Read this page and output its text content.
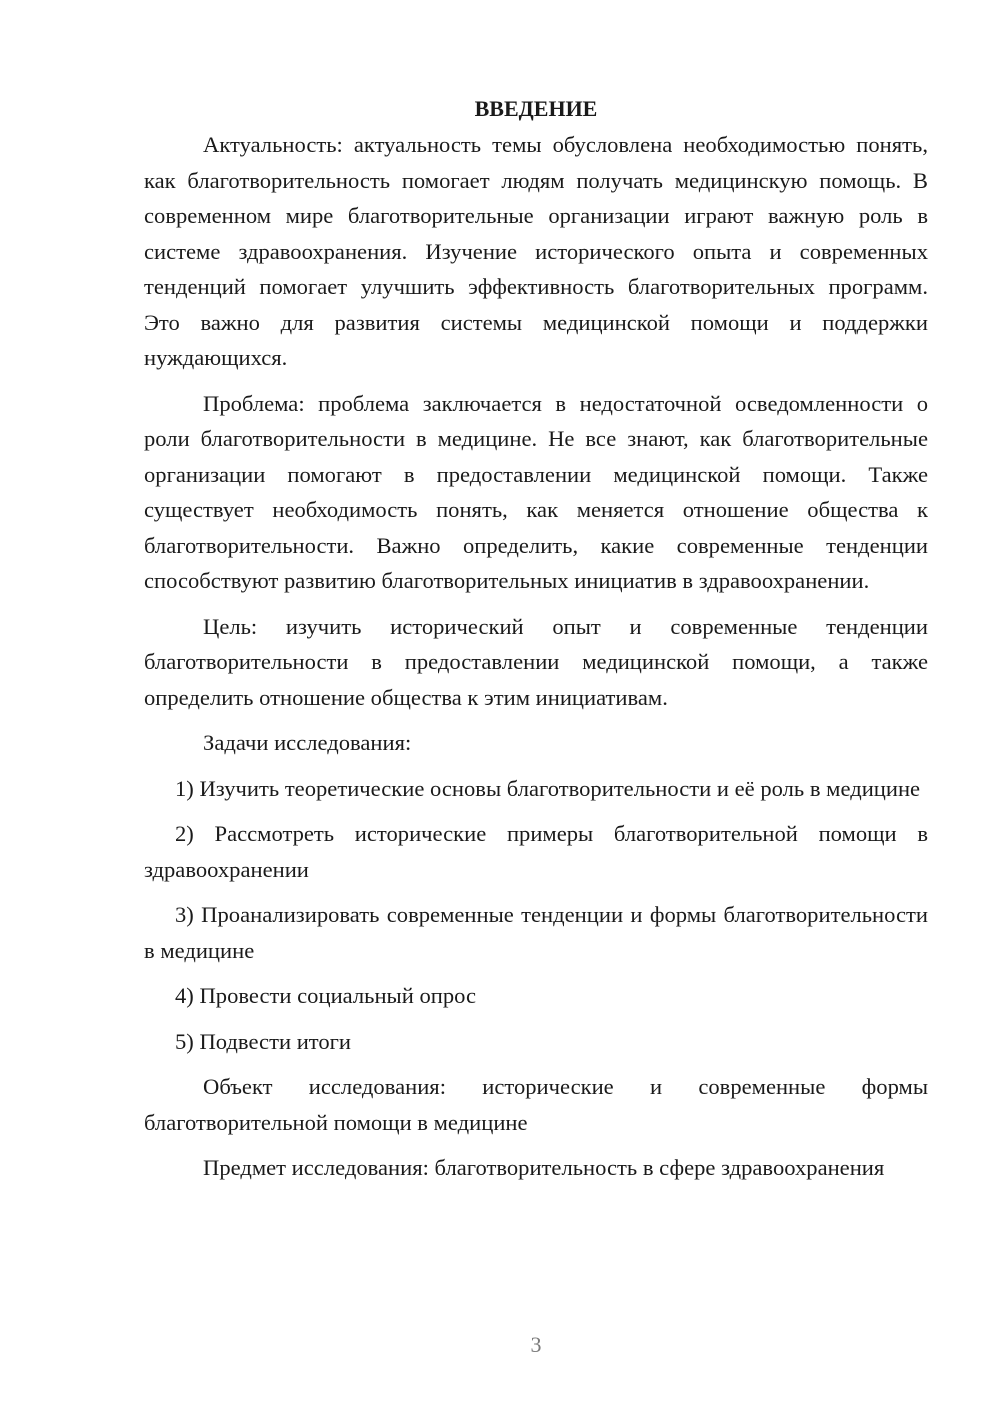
ВВЕДЕНИЕ

Актуальность: актуальность темы обусловлена необходимостью понять, как благотворительность помогает людям получать медицинскую помощь. В современном мире благотворительные организации играют важную роль в системе здравоохранения. Изучение исторического опыта и современных тенденций помогает улучшить эффективность благотворительных программ. Это важно для развития системы медицинской помощи и поддержки нуждающихся.

Проблема: проблема заключается в недостаточной осведомленности о роли благотворительности в медицине. Не все знают, как благотворительные организации помогают в предоставлении медицинской помощи. Также существует необходимость понять, как меняется отношение общества к благотворительности. Важно определить, какие современные тенденции способствуют развитию благотворительных инициатив в здравоохранении.

Цель: изучить исторический опыт и современные тенденции благотворительности в предоставлении медицинской помощи, а также определить отношение общества к этим инициативам.

Задачи исследования:

1) Изучить теоретические основы благотворительности и её роль в медицине

2) Рассмотреть исторические примеры благотворительной помощи в здравоохранении

3) Проанализировать современные тенденции и формы благотворительности в медицине

4) Провести социальный опрос

5) Подвести итоги

Объект исследования: исторические и современные формы благотворительной помощи в медицине

Предмет исследования: благотворительность в сфере здравоохранения

3
